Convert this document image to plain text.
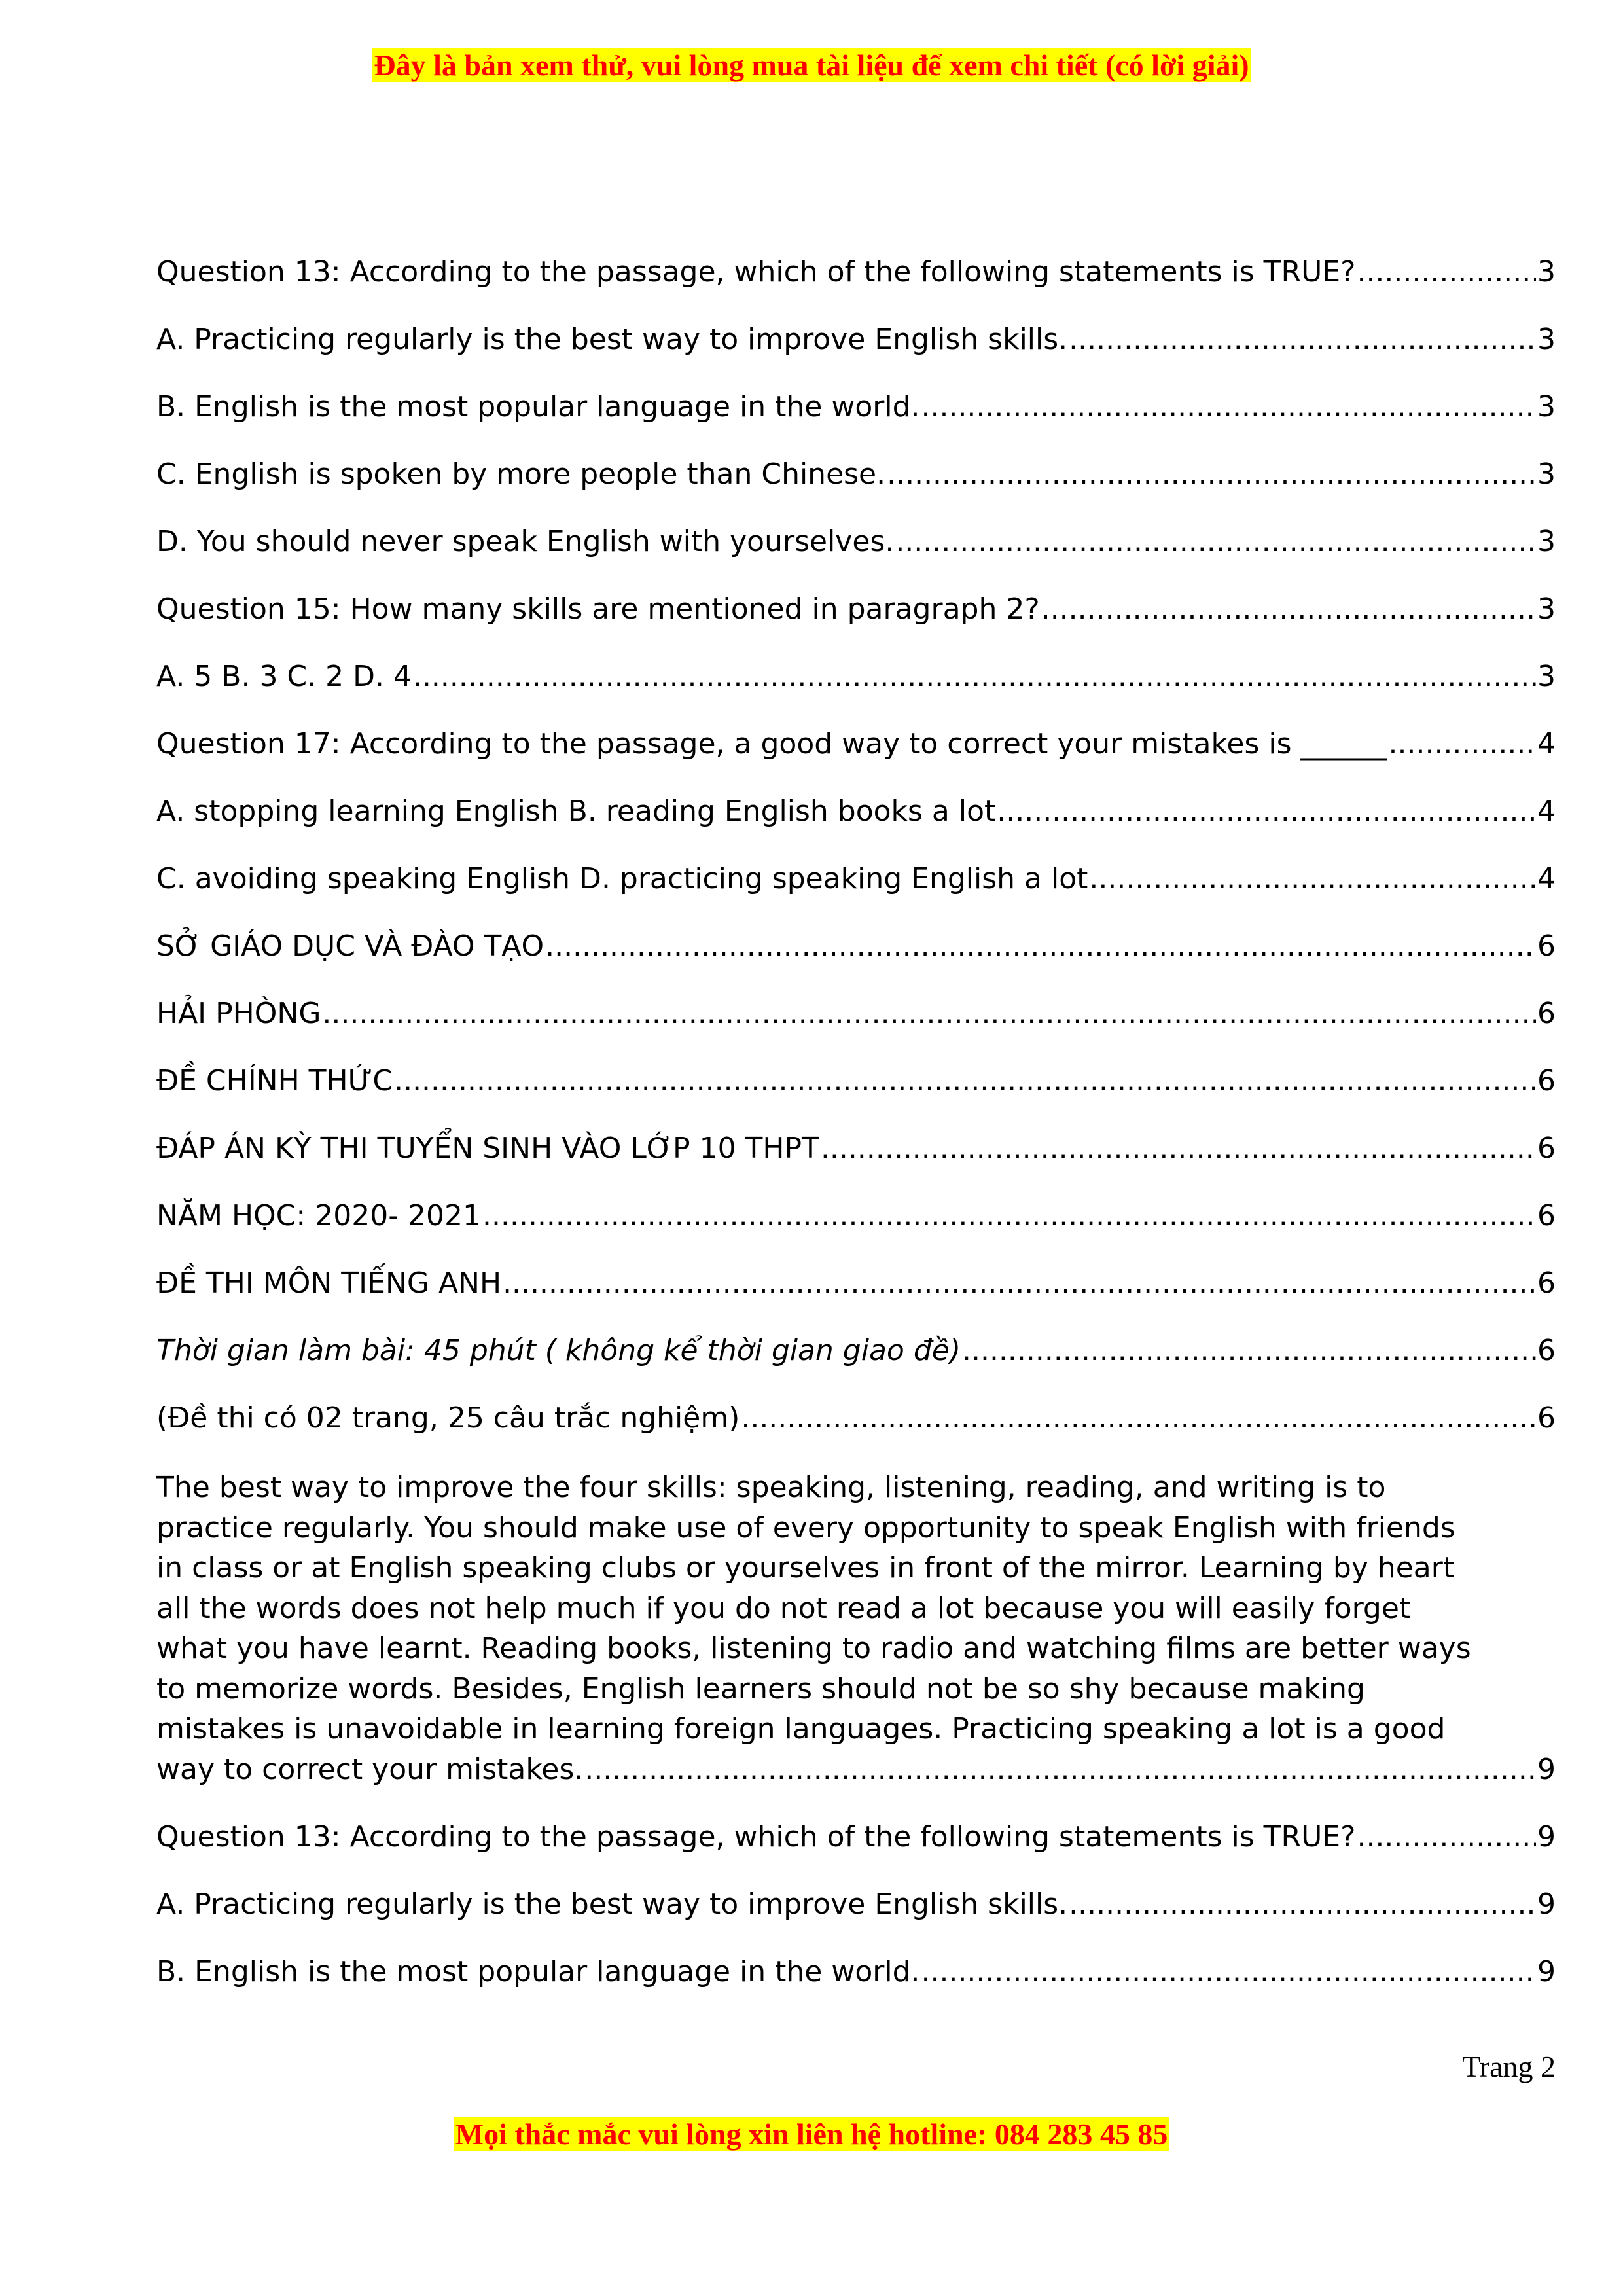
Đây là bản xem thử, vui lòng mua tài liệu để xem chi tiết (có lời giải)
Question 13: According to the passage, which of the following statements is TRUE? .....	3
A. Practicing regularly is the best way to improve English skills. .....	3
B. English is the most popular language in the world. .....	3
C. English is spoken by more people than Chinese. .....	3
D. You should never speak English with yourselves. .....	3
Question 15: How many skills are mentioned in paragraph 2? .....	3
A. 5 B. 3 C. 2 D. 4 .....	3
Question 17: According to the passage, a good way to correct your mistakes is ______ .....	4
A. stopping learning English B. reading English books a lot .....	4
C. avoiding speaking English D. practicing speaking English a lot .....	4
SỞ GIÁO DỤC VÀ ĐÀO TẠO .....	6
HẢI PHÒNG .....	6
ĐỀ CHÍNH THỨC .....	6
ĐÁP ÁN KỲ THI TUYỂN SINH VÀO LỚP 10 THPT .....	6
NĂM HỌC: 2020- 2021 .....	6
ĐỀ THI MÔN TIẾNG ANH .....	6
Thời gian làm bài: 45 phút ( không kể thời gian giao đề) .....	6
(Đề thi có 02 trang, 25 câu trắc nghiệm) .....	6
The best way to improve the four skills: speaking, listening, reading, and writing is to
practice regularly. You should make use of every opportunity to speak English with friends
in class or at English speaking clubs or yourselves in front of the mirror. Learning by heart
all the words does not help much if you do not read a lot because you will easily forget
what you have learnt. Reading books, listening to radio and watching films are better ways
to memorize words. Besides, English learners should not be so shy because making
mistakes is unavoidable in learning foreign languages. Practicing speaking a lot is a good
way to correct your mistakes. .....	9
Question 13: According to the passage, which of the following statements is TRUE? .....	9
A. Practicing regularly is the best way to improve English skills. .....	9
B. English is the most popular language in the world. .....	9
Trang 2
Mọi thắc mắc vui lòng xin liên hệ hotline: 084 283 45 85
